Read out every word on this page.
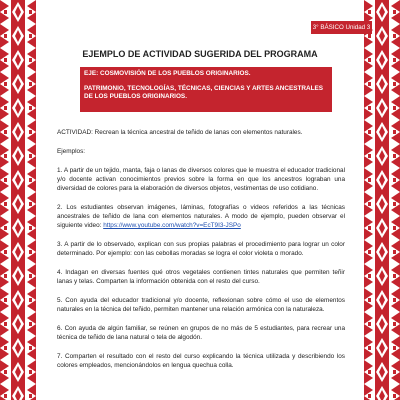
3° BÁSICO Unidad 3
EJEMPLO DE ACTIVIDAD SUGERIDA DEL PROGRAMA

EJE: COSMOVISIÓN DE LOS PUEBLOS ORIGINARIOS.

PATRIMONIO, TECNOLOGÍAS, TÉCNICAS, CIENCIAS Y ARTES ANCESTRALES DE LOS PUEBLOS ORIGINARIOS.

ACTIVIDAD: Recrean la técnica ancestral de teñido de lanas con elementos naturales.

Ejemplos:

1. A partir de un tejido, manta, faja o lanas de diversos colores que le muestra el educador tradicional y/o docente activan conocimientos previos sobre la forma en que los ancestros lograban una diversidad de colores para la elaboración de diversos objetos, vestimentas de uso cotidiano.

2. Los estudiantes observan imágenes, láminas, fotografías o videos referidos a las técnicas ancestrales de teñido de lana con elementos naturales. A modo de ejemplo, pueden observar el siguiente video: https://www.youtube.com/watch?v=EcT9I3-JSPo

3. A partir de lo observado, explican con sus propias palabras el procedimiento para lograr un color determinado. Por ejemplo: con las cebollas moradas se logra el color violeta o morado.

4. Indagan en diversas fuentes qué otros vegetales contienen tintes naturales que permiten teñir lanas y telas. Comparten la información obtenida con el resto del curso.

5. Con ayuda del educador tradicional y/o docente, reflexionan sobre cómo el uso de elementos naturales en la técnica del teñido, permiten mantener una relación armónica con la naturaleza.

6. Con ayuda de algún familiar, se reúnen en grupos de no más de 5 estudiantes, para recrear una técnica de teñido de lana natural o tela de algodón.

7. Comparten el resultado con el resto del curso explicando la técnica utilizada y describiendo los colores empleados, mencionándolos en lengua quechua colla.
